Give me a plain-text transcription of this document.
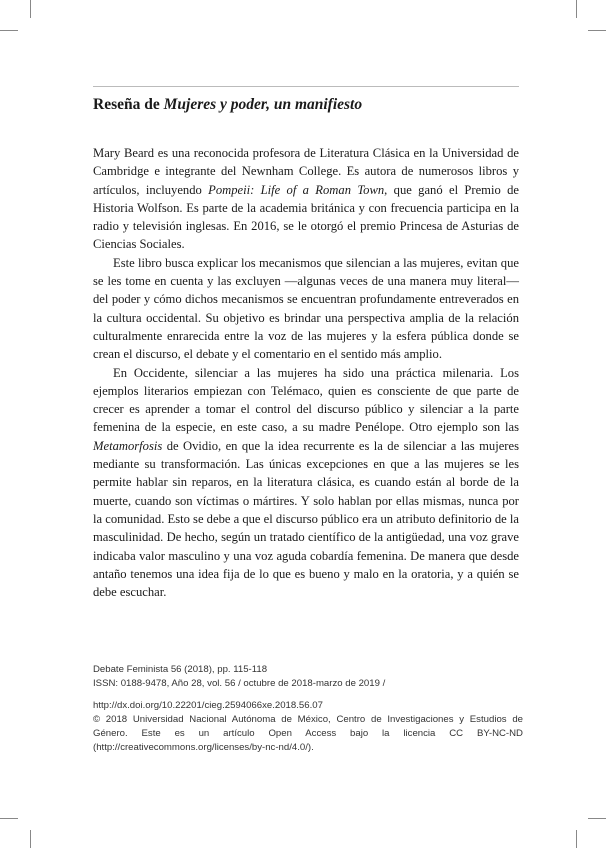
Reseña de Mujeres y poder, un manifiesto

Mary Beard es una reconocida profesora de Literatura Clásica en la Universidad de Cambridge e integrante del Newnham College. Es autora de numerosos libros y artículos, incluyendo Pompeii: Life of a Roman Town, que ganó el Premio de Historia Wolfson. Es parte de la academia británica y con frecuencia participa en la radio y televisión inglesas. En 2016, se le otorgó el premio Princesa de Asturias de Ciencias Sociales.

Este libro busca explicar los mecanismos que silencian a las mujeres, evitan que se les tome en cuenta y las excluyen —algunas veces de una manera muy literal— del poder y cómo dichos mecanismos se encuentran profundamente entreverados en la cultura occidental. Su objetivo es brindar una perspectiva amplia de la relación culturalmente enrarecida entre la voz de las mujeres y la esfera pública donde se crean el discurso, el debate y el comentario en el sentido más amplio.

En Occidente, silenciar a las mujeres ha sido una práctica milenaria. Los ejemplos literarios empiezan con Telémaco, quien es consciente de que parte de crecer es aprender a tomar el control del discurso público y silenciar a la parte femenina de la especie, en este caso, a su madre Penélope. Otro ejemplo son las Metamorfosis de Ovidio, en que la idea recurrente es la de silenciar a las mujeres mediante su transformación. Las únicas excepciones en que a las mujeres se les permite hablar sin reparos, en la literatura clásica, es cuando están al borde de la muerte, cuando son víctimas o mártires. Y solo hablan por ellas mismas, nunca por la comunidad. Esto se debe a que el discurso público era un atributo definitorio de la masculinidad. De hecho, según un tratado científico de la antigüedad, una voz grave indicaba valor masculino y una voz aguda cobardía femenina. De manera que desde antaño tenemos una idea fija de lo que es bueno y malo en la oratoria, y a quién se debe escuchar.

Debate Feminista 56 (2018), pp. 115-118
ISSN: 0188-9478, Año 28, vol. 56 / octubre de 2018-marzo de 2019 /
http://dx.doi.org/10.22201/cieg.2594066xe.2018.56.07
© 2018 Universidad Nacional Autónoma de México, Centro de Investigaciones y Estudios de Género. Este es un artículo Open Access bajo la licencia CC BY-NC-ND (http://creativecommons.org/licenses/by-nc-nd/4.0/).
